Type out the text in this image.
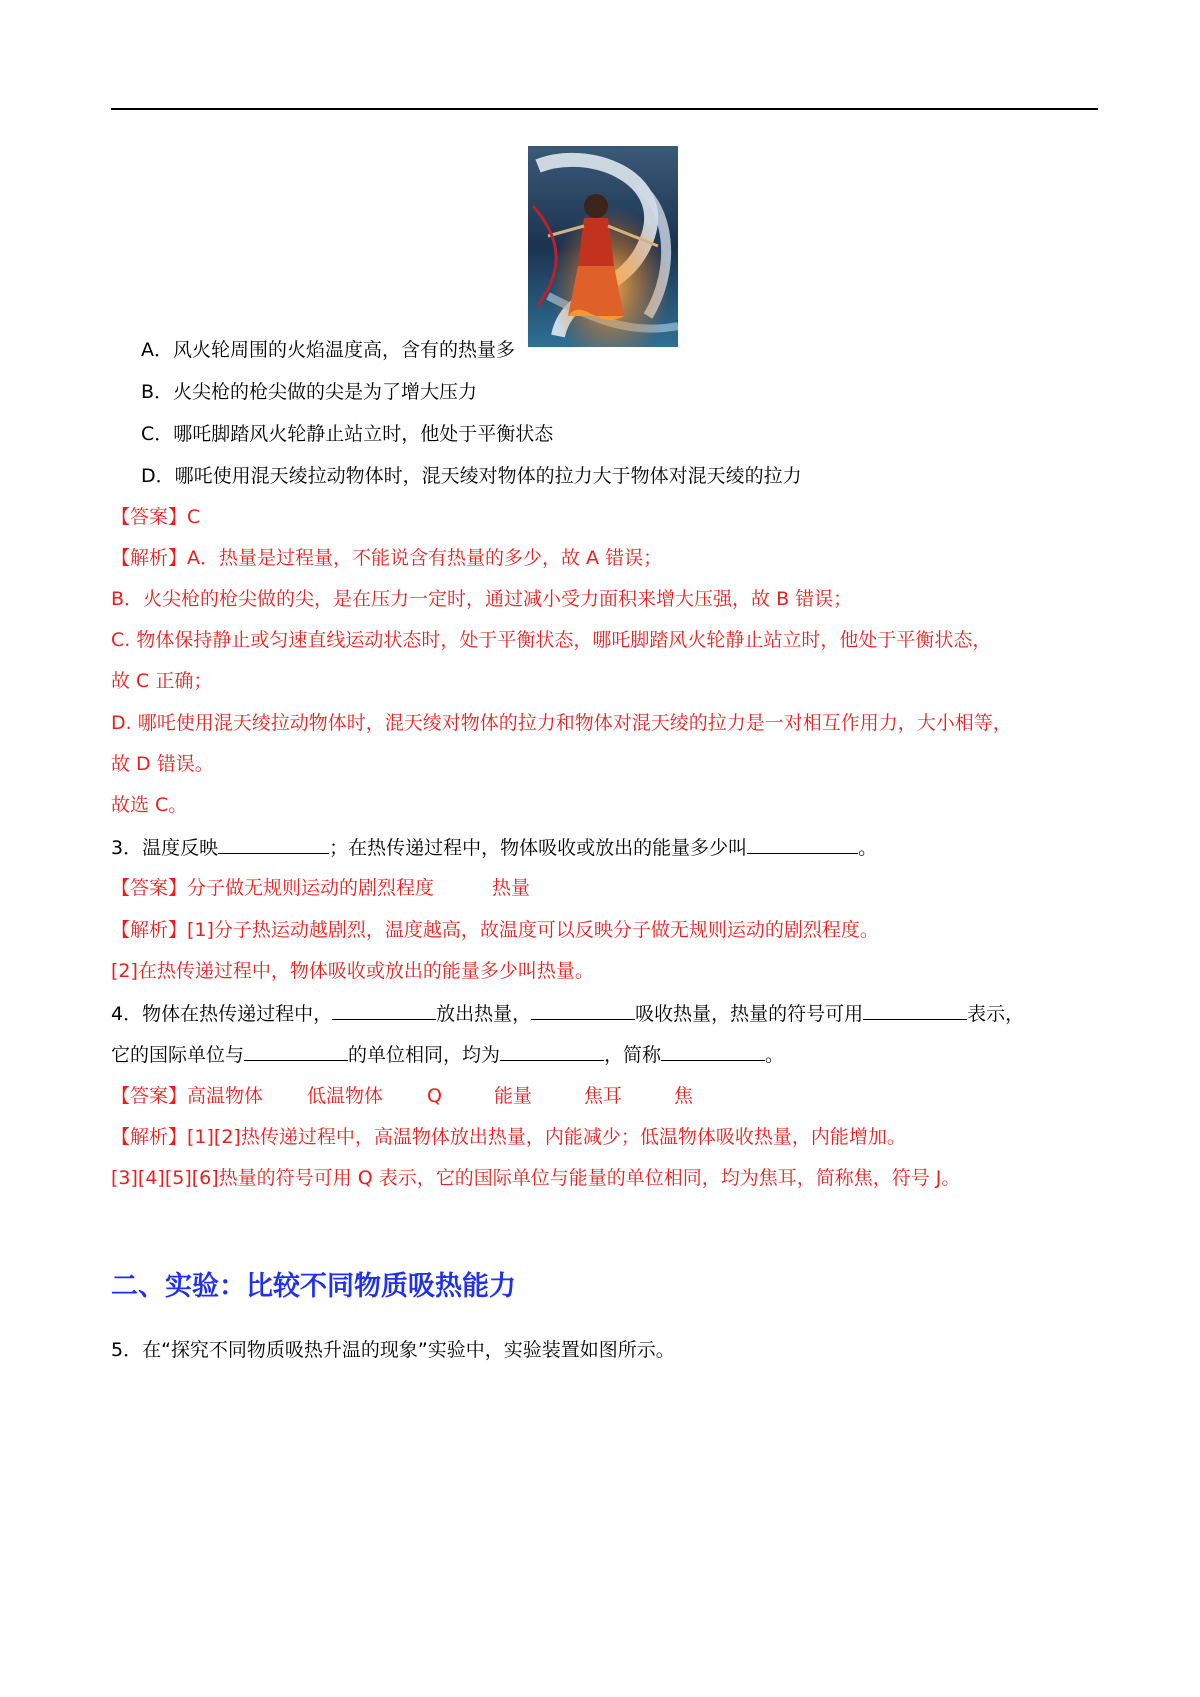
A．风火轮周围的火焰温度高，含有的热量多
B．火尖枪的枪尖做的尖是为了增大压力
C．哪吒脚踏风火轮静止站立时，他处于平衡状态
D．哪吒使用混天绫拉动物体时，混天绫对物体的拉力大于物体对混天绫的拉力
【答案】C
【解析】A．热量是过程量，不能说含有热量的多少，故 A 错误；
B．火尖枪的枪尖做的尖，是在压力一定时，通过减小受力面积来增大压强，故 B 错误；
C. 物体保持静止或匀速直线运动状态时，处于平衡状态，哪吒脚踏风火轮静止站立时，他处于平衡状态，
故 C 正确；
D. 哪吒使用混天绫拉动物体时，混天绫对物体的拉力和物体对混天绫的拉力是一对相互作用力，大小相等，
故 D 错误。
故选 C。
3．温度反映	；在热传递过程中，物体吸收或放出的能量多少叫	。
【答案】分子做无规则运动的剧烈程度	热量
【解析】[1]分子热运动越剧烈，温度越高，故温度可以反映分子做无规则运动的剧烈程度。
[2]在热传递过程中，物体吸收或放出的能量多少叫热量。
4．物体在热传递过程中，	放出热量，	吸收热量，热量的符号可用	表示，
它的国际单位与	的单位相同，均为	，简称	。
【答案】高温物体 低温物体 Q	能量	焦耳	焦
【解析】[1][2]热传递过程中，高温物体放出热量，内能减少；低温物体吸收热量，内能增加。
[3][4][5][6]热量的符号可用 Q 表示，它的国际单位与能量的单位相同，均为焦耳，简称焦，符号 J。
二、实验：比较不同物质吸热能力
5．在“探究不同物质吸热升温的现象”实验中，实验装置如图所示。
